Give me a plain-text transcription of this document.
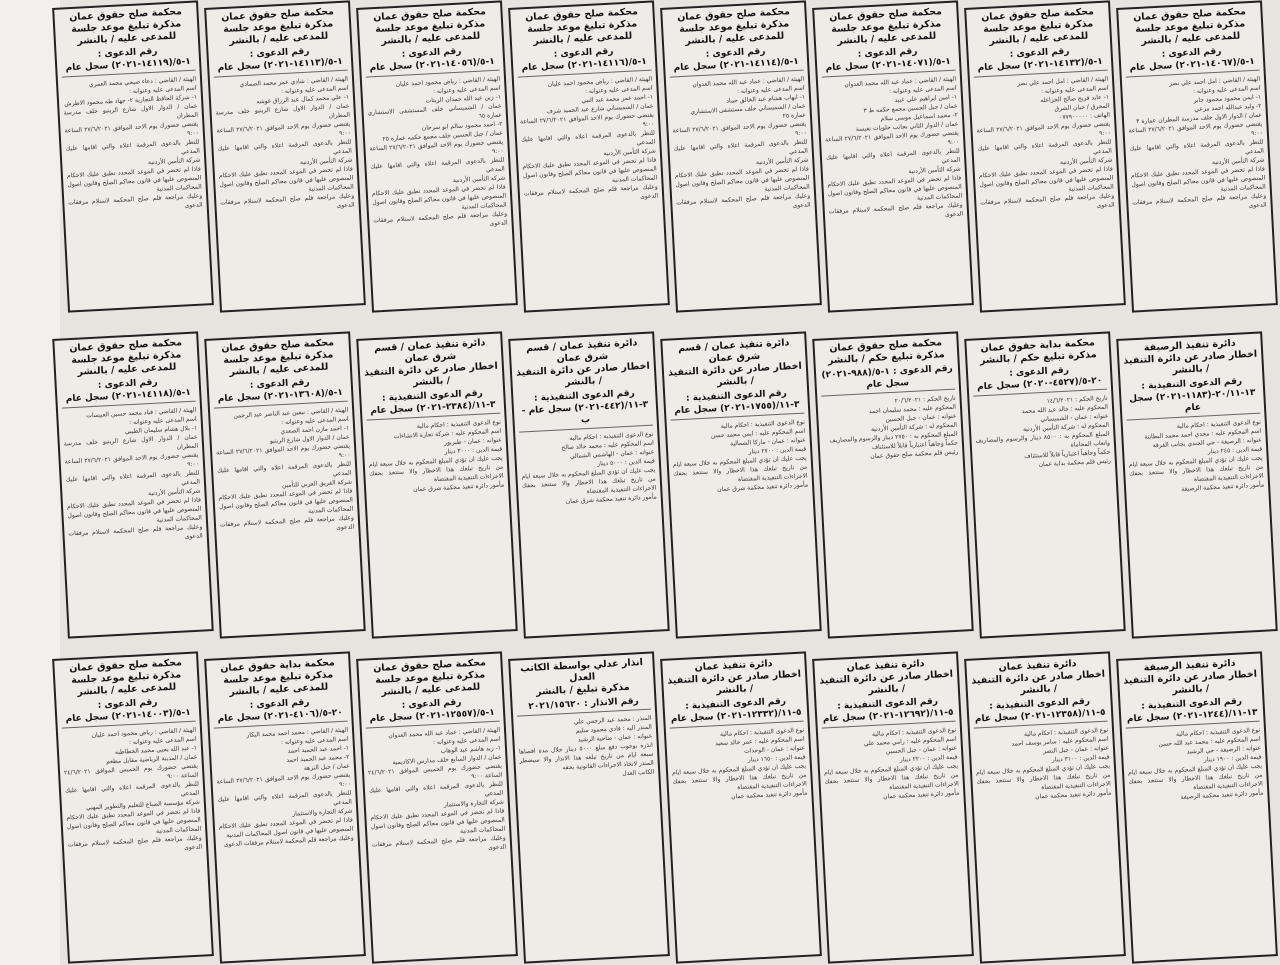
محكمة صلح حقوق عمان
مذكرة تبليغ موعد جلسة للمدعى عليه / بالنشر
رقم الدعوى : ١-٥/(١٤٠٦٧-٢٠٢١) سجل عام
الهيئة / القاضي : امل احمد علي نصر
اسم المدعى عليه وعنوانه :
١- ايمن محمود محمود جابر
٢- وليد عبدالله احمد مرعي
عمان / الدوار الاول خلف مدرسة المطران عمارة ٣
يقتضي حضورك يوم الاحد الموافق ٢٧/٦/٢٠٢١ الساعة ٩:٠٠
للنظر بالدعوى المرقمة اعلاه والتي اقامها عليك المدعي
شركة التأمين الأردنية
فاذا لم تحضر في الموعد المحدد تطبق عليك الاحكام المنصوص عليها في قانون محاكم الصلح وقانون اصول المحاكمات المدنية
وعليك مراجعة قلم صلح المحكمة لاستلام مرفقات الدعوى
محكمة صلح حقوق عمان
مذكرة تبليغ موعد جلسة للمدعى عليه / بالنشر
رقم الدعوى : ١-٥/(١٤١٣٢-٢٠٢١) سجل عام
الهيئة / القاضي : امل احمد علي نصر
اسم المدعى عليه وعنوانه :
١- عابد فريج صالح الخزاعله
المحرق / حيان الشرق
الهاتف : ٠٧٧٩٠٠٠٠٠
يقتضي حضورك يوم الاحد الموافق ٢٧/٦/٢٠٢١ الساعة ٩:٠٠
للنظر بالدعوى المرقمة اعلاه والتي اقامها عليك المدعي
شركة التأمين الأردنية
فاذا لم تحضر في الموعد المحدد تطبق عليك الاحكام المنصوص عليها في قانون محاكم الصلح وقانون اصول المحاكمات المدنية
وعليك مراجعة قلم صلح المحكمة لاستلام مرفقات الدعوى
محكمة صلح حقوق عمان
مذكرة تبليغ موعد جلسة للمدعى عليه / بالنشر
رقم الدعوى : ١-٥/(١٤٠٧١-٢٠٢١) سجل عام
الهيئة / القاضي : عماد عبد الله محمد العدوان
اسم المدعى عليه وعنوانه :
١- امين ابراهيم علي عبيد
عمان / جبل الحسين مجمع حكمه ط ٣
٢- محمد اسماعيل موسى سلام
عمان / الدوار الثاني بجانب حلويات نفيسة
يقتضي حضورك يوم الاحد الموافق ٢٧/٦/٢٠٢١ الساعة ٩:٠٠
للنظر بالدعوى المرقمة اعلاه والتي اقامها عليك المدعي
شركة التأمين الأردنية
فاذا لم تحضر في الموعد المحدد تطبق عليك الاحكام المنصوص عليها في قانون محاكم الصلح وقانون اصول المحاكمات المدنية
وعليك مراجعة قلم صلح المحكمة لاستلام مرفقات الدعوى
محكمة صلح حقوق عمان
مذكرة تبليغ موعد جلسة للمدعى عليه / بالنشر
رقم الدعوى : ١-٥/(١٤١١٤-٢٠٢١) سجل عام
الهيئة / القاضي : عماد عبد الله محمد العدوان
اسم المدعى عليه وعنوانه :
١- ايهاب هشام عبد الخالق حماد
عمان / الشميساني خلف مستشفى الاستشاري
عمارة ٢٥
يقتضي حضورك يوم الاحد الموافق ٢٧/٦/٢٠٢١ الساعة ٩:٠٠
للنظر بالدعوى المرقمة اعلاه والتي اقامها عليك المدعي
شركة التأمين الأردنية
فاذا لم تحضر في الموعد المحدد تطبق عليك الاحكام المنصوص عليها في قانون محاكم الصلح وقانون اصول المحاكمات المدنية
وعليك مراجعة قلم صلح المحكمة لاستلام مرفقات الدعوى
محكمة صلح حقوق عمان
مذكرة تبليغ موعد جلسة للمدعى عليه / بالنشر
رقم الدعوى : ١-٥/(١٤١١٦-٢٠٢١) سجل عام
الهيئة / القاضي : رياض محمود احمد عليان
اسم المدعى عليه وعنوانه :
١- احمد عمر محمد عبد النبي
عمان / الشميساني شارع عبد الحميد شرف
يقتضي حضورك يوم الاحد الموافق ٢٧/٦/٢٠٢١ الساعة ٩:٠٠
للنظر بالدعوى المرقمة اعلاه والتي اقامها عليك المدعي
شركة التأمين الأردنية
فاذا لم تحضر في الموعد المحدد تطبق عليك الاحكام المنصوص عليها في قانون محاكم الصلح وقانون اصول المحاكمات المدنية
وعليك مراجعة قلم صلح المحكمة لاستلام مرفقات الدعوى
محكمة صلح حقوق عمان
مذكرة تبليغ موعد جلسة للمدعى عليه / بالنشر
رقم الدعوى : ١-٥/(١٤٠٥٦-٢٠٢١) سجل عام
الهيئة / القاضي : رياض محمود احمد عليان
اسم المدعى عليه وعنوانه :
١- زين عبد الله حمدان الزيتات
عمان / الشميساني خلف المستشفى الاستشاري عمارة ٦٥
٢- احمد محمود سالم ابو سرحان
عمان / جبل الحسين خلف مجمع حكمه عمارة ٢٥
يقتضي حضورك يوم الاحد الموافق ٢٧/٦/٢٠٢١ الساعة ٩:٠٠
للنظر بالدعوى المرقمة اعلاه والتي اقامها عليك المدعي
شركة التأمين الأردنية
فاذا لم تحضر في الموعد المحدد تطبق عليك الاحكام المنصوص عليها في قانون محاكم الصلح وقانون اصول المحاكمات المدنية
وعليك مراجعة قلم صلح المحكمة لاستلام مرفقات الدعوى
محكمة صلح حقوق عمان
مذكرة تبليغ موعد جلسة للمدعى عليه / بالنشر
رقم الدعوى : ١-٥/(١٤١١٣-٢٠٢١) سجل عام
الهيئة / القاضي : شادي عمر محمد الصمادي
اسم المدعى عليه وعنوانه :
١- علي محمد كمال عبد الرزاق غوشه
عمان / الدوار الاول شارع الرينبو خلف مدرسة المطران
يقتضي حضورك يوم الاحد الموافق ٢٧/٦/٢٠٢١ الساعة ٩:٠٠
للنظر بالدعوى المرقمة اعلاه والتي اقامها عليك المدعي
شركة التأمين الأردنية
فاذا لم تحضر في الموعد المحدد تطبق عليك الاحكام المنصوص عليها في قانون محاكم الصلح وقانون اصول المحاكمات المدنية
وعليك مراجعة قلم صلح المحكمة لاستلام مرفقات الدعوى
محكمة صلح حقوق عمان
مذكرة تبليغ موعد جلسة للمدعى عليه / بالنشر
رقم الدعوى : ١-٥/(١٤١١٩-٢٠٢١) سجل عام
الهيئة / القاضي : دعاء صبحي محمد العمري
اسم المدعى عليه وعنوانه :
١- شركة الحافظ التجارية ٢- جهاد طه محمود الاطرش
عمان / الدوار الاول شارع الرينبو خلف مدرسة المطران
يقتضي حضورك يوم الاحد الموافق ٢٧/٦/٢٠٢١ الساعة ٩:٠٠
للنظر بالدعوى المرقمة اعلاه والتي اقامها عليك المدعي
شركة التأمين الأردنية
فاذا لم تحضر في الموعد المحدد تطبق عليك الاحكام المنصوص عليها في قانون محاكم الصلح وقانون اصول المحاكمات المدنية
وعليك مراجعة قلم صلح المحكمة لاستلام مرفقات الدعوى
دائرة تنفيذ الرصيفة
اخطار صادر عن دائرة التنفيذ / بالنشر
رقم الدعوى التنفيذية : ١٣-٢٠/١١-(١١٨٣-٢٠٢١) سجل عام
نوع الدعوى التنفيذية : احكام مالية
اسم المحكوم عليه : مجدي احمد محمد البطاينة
عنوانه : الرصيفة - حي الجندي بجانب الفرقة
قيمة الدين : ٢٤٥ دينار
يجب عليك ان تؤدي المبلغ المحكوم به خلال سبعة ايام من تاريخ تبلغك هذا الاخطار والا ستتخذ بحقك الاجراءات التنفيذية المقتضاة
مأمور دائرة تنفيذ محكمة الرصيفة
محكمة بداية حقوق عمان
مذكرة تبليغ حكم / بالنشر
رقم الدعوى : ٢٠-٥/(٤٥٢٧-٢٠٢٠) سجل عام
تاريخ الحكم : ١٤/٦/٢٠٢١
المحكوم عليه : خالد عبد الله محمد
عنوانه : عمان - الشميساني
المحكوم له : شركة التأمين الأردنية
المبلغ المحكوم به : ٨٥٠٠ دينار والرسوم والمصاريف واتعاب المحاماة
حكماً وجاهياً اعتبارياً قابلاً للاستئناف
رئيس قلم محكمة بداية عمان
محكمة صلح حقوق عمان
مذكرة تبليغ حكم / بالنشر
رقم الدعوى : ١-٥/(٩٨٨-٢٠٢١) سجل عام
تاريخ الحكم : ٢٠/٦/٢٠٢١
المحكوم عليه : محمد سليمان احمد
عنوانه : عمان - جبل الحسين
المحكوم له : شركة التأمين الأردنية
المبلغ المحكوم به : ٢٧٥٠ دينار والرسوم والمصاريف
حكماً وجاهياً اعتبارياً قابلاً للاستئناف
رئيس قلم محكمة صلح حقوق عمان
دائرة تنفيذ عمان / قسم شرق عمان
اخطار صادر عن دائرة التنفيذ / بالنشر
رقم الدعوى التنفيذية : ٣-١١/(١٧٥٥-٢٠٢١) سجل عام
نوع الدعوى التنفيذية : احكام مالية
اسم المحكوم عليه : ايمن محمد حسن
عنوانه : عمان - ماركا الشمالية
قيمة الدين : ٢٧٠٠ دينار
يجب عليك ان تؤدي المبلغ المحكوم به خلال سبعة ايام من تاريخ تبلغك هذا الاخطار والا ستتخذ بحقك الاجراءات التنفيذية المقتضاة
مأمور دائرة تنفيذ محكمة شرق عمان
دائرة تنفيذ عمان / قسم شرق عمان
اخطار صادر عن دائرة التنفيذ / بالنشر
رقم الدعوى التنفيذية : ٣-١١/(٤٤٢-٢٠٢١) سجل عام - ب
نوع الدعوى التنفيذية : احكام مالية
اسم المحكوم عليه : محمد خالد صالح
عنوانه : عمان - الهاشمي الشمالي
قيمة الدين : ٥٠٠٠ دينار
يجب عليك ان تؤدي المبلغ المحكوم به خلال سبعة ايام من تاريخ تبلغك هذا الاخطار والا ستتخذ بحقك الاجراءات التنفيذية المقتضاة
مأمور دائرة تنفيذ محكمة شرق عمان
دائرة تنفيذ عمان / قسم شرق عمان
اخطار صادر عن دائرة التنفيذ / بالنشر
رقم الدعوى التنفيذية : ٣-١١/(٢٣٨٤-٢٠٢١) سجل عام
نوع الدعوى التنفيذية : احكام مالية
اسم المحكوم عليه : شركة تجارة الانشاءات
عنوانه : عمان - طبربور
قيمة الدين : ٣٠٠٠ دينار
يجب عليك ان تؤدي المبلغ المحكوم به خلال سبعة ايام من تاريخ تبلغك هذا الاخطار والا ستتخذ بحقك الاجراءات التنفيذية المقتضاة
مأمور دائرة تنفيذ محكمة شرق عمان
محكمة صلح حقوق عمان
مذكرة تبليغ موعد جلسة للمدعى عليه / بالنشر
رقم الدعوى : ١-٥/(١٣٦٠٨-٢٠٢١) سجل عام
الهيئة / القاضي : نيفين عبد الناصر عبد الرحمن
اسم المدعى عليه وعنوانه :
١- احمد مازن احمد الصعدي
عمان / الدوار الاول شارع الرينبو
يقتضي حضورك يوم الاحد الموافق ٢٧/٦/٢٠٢١ الساعة ٩:٠٠
للنظر بالدعوى المرقمة اعلاه والتي اقامها عليك المدعي
شركة الفريق العربي للتأمين
فاذا لم تحضر في الموعد المحدد تطبق عليك الاحكام المنصوص عليها في قانون محاكم الصلح وقانون اصول المحاكمات المدنية
وعليك مراجعة قلم صلح المحكمة لاستلام مرفقات الدعوى
محكمة صلح حقوق عمان
مذكرة تبليغ موعد جلسة للمدعى عليه / بالنشر
رقم الدعوى : ١-٥/(١٤١١٨-٢٠٢١) سجل عام
الهيئة / القاضي : فياد محمد حسين العبيسات
اسم المدعى عليه وعنوانه :
١- بلال هشام سليمان الطيبي
عمان / الدوار الاول شارع الرينبو خلف مدرسة المطران
يقتضي حضورك يوم الاحد الموافق ٢٧/٦/٢٠٢١ الساعة ٩:٠٠
للنظر بالدعوى المرقمة اعلاه والتي اقامها عليك المدعي
شركة التأمين الأردنية
فاذا لم تحضر في الموعد المحدد تطبق عليك الاحكام المنصوص عليها في قانون محاكم الصلح وقانون اصول المحاكمات المدنية
وعليك مراجعة قلم صلح المحكمة لاستلام مرفقات الدعوى
دائرة تنفيذ الرصيفة
اخطار صادر عن دائرة التنفيذ / بالنشر
رقم الدعوى التنفيذية : ١٣-١١/(١٢٤٤-٢٠٢١) سجل عام
نوع الدعوى التنفيذية : احكام مالية
اسم المحكوم عليه : محمد عبد الله حسن
عنوانه : الرصيفة - حي الرشيد
قيمة الدين : ١٩٠٠ دينار
يجب عليك ان تؤدي المبلغ المحكوم به خلال سبعة ايام من تاريخ تبلغك هذا الاخطار والا ستتخذ بحقك الاجراءات التنفيذية المقتضاة
مأمور دائرة تنفيذ محكمة الرصيفة
دائرة تنفيذ عمان
اخطار صادر عن دائرة التنفيذ / بالنشر
رقم الدعوى التنفيذية : ٥-١١/(١٢٣٥٨-٢٠٢١) سجل عام
نوع الدعوى التنفيذية : احكام مالية
اسم المحكوم عليه : سامر يوسف احمد
عنوانه : عمان - جبل النصر
قيمة الدين : ٣١٠٠ دينار
يجب عليك ان تؤدي المبلغ المحكوم به خلال سبعة ايام من تاريخ تبلغك هذا الاخطار والا ستتخذ بحقك الاجراءات التنفيذية المقتضاة
مأمور دائرة تنفيذ محكمة عمان
دائرة تنفيذ عمان
اخطار صادر عن دائرة التنفيذ / بالنشر
رقم الدعوى التنفيذية : ٥-١١/(١٢٦٩٢-٢٠٢١) سجل عام
نوع الدعوى التنفيذية : احكام مالية
اسم المحكوم عليه : رامي محمد علي
عنوانه : عمان - جبل الحسين
قيمة الدين : ٢٢٠٠ دينار
يجب عليك ان تؤدي المبلغ المحكوم به خلال سبعة ايام من تاريخ تبلغك هذا الاخطار والا ستتخذ بحقك الاجراءات التنفيذية المقتضاة
مأمور دائرة تنفيذ محكمة عمان
دائرة تنفيذ عمان
اخطار صادر عن دائرة التنفيذ / بالنشر
رقم الدعوى التنفيذية : ٥-١١/(١٢٣٣٢-٢٠٢١) سجل عام
نوع الدعوى التنفيذية : احكام مالية
اسم المحكوم عليه : عمر خالد سعيد
عنوانه : عمان - الوحدات
قيمة الدين : ١٦٥٠ دينار
يجب عليك ان تؤدي المبلغ المحكوم به خلال سبعة ايام من تاريخ تبلغك هذا الاخطار والا ستتخذ بحقك الاجراءات التنفيذية المقتضاة
مأمور دائرة تنفيذ محكمة عمان
انذار عدلي بواسطة الكاتب العدل
مذكرة تبليغ / بالنشر
رقم الانذار : ٢٠٢١/١٥٦٢٠
المنذر : محمد عبد الرحمن علي
المنذر اليه : فادي محمود سليم
عنوانه : عمان - ضاحية الرشيد
انذره بوجوب دفع مبلغ ٥٠٠٠ دينار خلال مدة اقصاها سبعة ايام من تاريخ تبلغه هذا الانذار والا سيضطر المنذر لاتخاذ الاجراءات القانونية بحقه
الكاتب العدل
محكمة صلح حقوق عمان
مذكرة تبليغ موعد جلسة للمدعى عليه / بالنشر
رقم الدعوى : ١-٥/(١٢٥٥٧-٢٠٢١) سجل عام
الهيئة / القاضي : عماد عبد الله محمد العدوان
اسم المدعى عليه وعنوانه :
١- زيد هاشم عبد الوهاب
عمان / الدوار السابع خلف مدارس الاكاديمية
يقتضي حضورك يوم الخميس الموافق ٢٤/٦/٢٠٢١ الساعة ٩:٠٠
للنظر بالدعوى المرقمة اعلاه والتي اقامها عليك المدعي
شركة التجارة والاستثمار
فاذا لم تحضر في الموعد المحدد تطبق عليك الاحكام المنصوص عليها في قانون محاكم الصلح وقانون اصول المحاكمات المدنية
وعليك مراجعة قلم صلح المحكمة لاستلام مرفقات الدعوى
محكمة بداية حقوق عمان
مذكرة تبليغ موعد جلسة للمدعى عليه / بالنشر
رقم الدعوى : ٢٠-٥/(٤١٠٦-٢٠٢١) سجل عام
الهيئة / القاضي : محمد احمد محمد البكار
اسم المدعى عليه وعنوانه :
١- احمد عبد الحميد احمد
٢- محمد عبد الحميد احمد
عمان / جبل النزهة
يقتضي حضورك يوم الاحد الموافق ٢٧/٦/٢٠٢١ الساعة ٩:٠٠
للنظر بالدعوى المرقمة اعلاه والتي اقامها عليك المدعي
شركة التجارة والاستثمار
فاذا لم تحضر في الموعد المحدد تطبق عليك الاحكام المنصوص عليها في قانون اصول المحاكمات المدنية
وعليك مراجعة قلم المحكمة لاستلام مرفقات الدعوى
محكمة صلح حقوق عمان
مذكرة تبليغ موعد جلسة للمدعى عليه / بالنشر
رقم الدعوى : ١-٥/(١٤٠٠٣-٢٠٢١) سجل عام
الهيئة / القاضي : رياض محمود احمد عليان
اسم المدعى عليه وعنوانه :
١- عبد الله يحيى محمد الخطاطبه
عمان / المدينة الرياضية مقابل مطعم
يقتضي حضورك يوم الخميس الموافق ٢٤/٦/٢٠٢١ الساعة ٩:٠٠
للنظر بالدعوى المرقمة اعلاه والتي اقامها عليك المدعي
شركة مؤسسة الصباغ للتعليم والتطوير المهني
فاذا لم تحضر في الموعد المحدد تطبق عليك الاحكام المنصوص عليها في قانون محاكم الصلح وقانون اصول المحاكمات المدنية
وعليك مراجعة قلم صلح المحكمة لاستلام مرفقات الدعوى
